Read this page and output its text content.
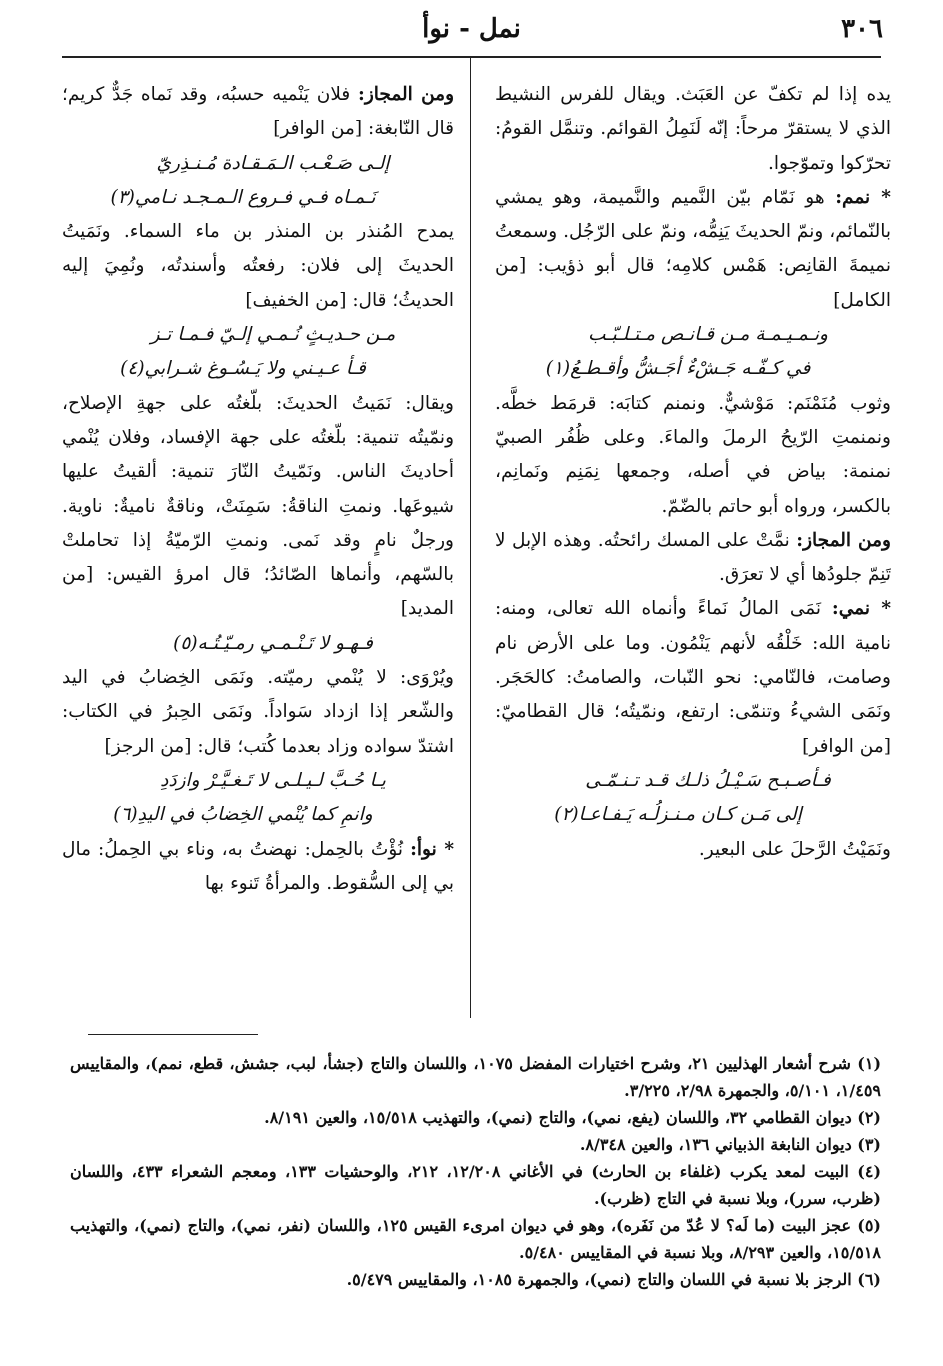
٣٠٦
نمل - نوأ

يده إذا لم تكفّ عن العَبَث. ويقال للفرس النشيط الذي لا يستقرّ مرحاً: إنّه لَنَمِلُ القوائم. وتنمَّل القومُ: تحرّكوا وتموّجوا.

* نمم: هو نَمّام بيّن النَّميم والنَّميمة، وهو يمشي بالنّمائم، ونمّ الحديثَ يَنِمُّه، ونمّ على الرّجُل. وسمعتُ نميمةَ القانِص: هَمْس كلامِه؛ قال أبو ذؤيب: [من الكامل]

ونـمـيـمـة مـن قـانـص مـتـلـبّـب

في كـفّـه جَـشْءٌ أجَـشُّ وأقـطـعُ(١)

وثوب مُنَمْنَم: مَوْشيٌّ. ونمنم كتابَه: قرمَط خطَّه. ونمنمتِ الرّيحُ الرملَ والماءَ. وعلى ظُفُر الصبيّ نمنمة: بياض في أصله، وجمعها نِمَنِم ونَمانِم، بالكسر، ورواه أبو حاتم بالضّمّ.

ومن المجاز: نمَّتْ على المسك رائحتُه. وهذه الإبل لا تَنِمّ جلودُها أي لا تعرَق.

* نمي: نَمَى المالُ نَماءً وأنماه الله تعالى، ومنه: نامية الله: خَلْقُه لأنهم يَنْمُون. وما على الأرض نام وصامت، فالنّامي: نحو النّبات، والصامتُ: كالحَجَر. ونَمَى الشيءُ وتنمّى: ارتفع، ونمّيتُه؛ قال القطاميّ: [من الوافر]

فـأصـبـح سَـيْـلُ ذلـك قـد تـنـمّـى

إلى مَـن كـان مـنـزلُـه يَـفـاعـا(٢)

ونَمَيْتُ الرَّحلَ على البعير.

ومن المجاز: فلان يَنْميه حسبُه، وقد نَماه جَدٌّ كريم؛ قال النّابغة: [من الوافر]

إلـى صَـعْـب الـمَـقـادة مُـنـذِريّ

نَـمـاه فـي فـروع الـمـجـد نـامي(٣)

يمدح المُنذر بن المنذر بن ماء السماء. ونَمَيتُ الحديثَ إلى فلان: رفعتُه وأسندتُه، ونُمِيَ إليه الحديثُ؛ قال: [من الخفيف]

مـن حـديـثٍ نُـمـي إلـيّ فـمـا تـز

قـأ عـيـني ولا يَـسُـوغ شـرابي(٤)

ويقال: نَمَيتُ الحديثَ: بلّغتُه على جهةِ الإصلاح، ونمّيتُه تنمية: بلّغتُه على جهة الإفساد، وفلان يُنْمي أحاديثَ الناس. ونَمّيتُ النّارَ تنمية: ألقيتُ عليها شيوعَها. ونمتِ الناقةُ: سَمِنَتْ، وناقةٌ ناميةٌ: ناوية. ورجلٌ نامٍ وقد نَمى. ونمتِ الرّميّةُ إذا تحاملتْ بالسّهم، وأنماها الصّائدُ؛ قال امرؤ القيس: [من المديد]

فـهـو لا تَـنْـمـي رمـيّـتُـه(٥)

ويُرْوَى: لا يُنْمي رميّته. ونَمَى الخِضابُ في اليد والشّعر إذا ازداد سَواداً. ونَمَى الحِبرُ في الكتاب: اشتدّ سواده وزاد بعدما كُتب؛ قال: [من الرجز]

يـا حُـبَّ لـيـلـى لا تَـغـيَّـرْ وازدَدِ

وانمِ كما يُنْمي الخِضابُ في اليدِ(٦)

* نوأ: نُؤْتُ بالحِمل: نهضتُ به، وناء بي الحِملُ: مال بي إلى السُّقوط. والمرأةُ تَنوء بها

(١) شرح أشعار الهذليين ٢١، وشرح اختيارات المفضل ١٠٧٥، واللسان والتاج (جشأ، لبب، جشش، قطع، نمم)، والمقاييس ١/٤٥٩، ٥/١٠١، والجمهرة ٢/٩٨، ٣/٢٢٥.

(٢) ديوان القطامي ٣٢، واللسان (يفع، نمي)، والتاج (نمي)، والتهذيب ١٥/٥١٨، والعين ٨/١٩١.

(٣) ديوان النابغة الذبياني ١٣٦، والعين ٨/٣٤٨.

(٤) البيت لمعد يكرب (غلفاء بن الحارث) في الأغاني ١٢/٢٠٨، ٢١٢، والوحشيات ١٣٣، ومعجم الشعراء ٤٣٣، واللسان (ظرب، سرر)، وبلا نسبة في التاج (ظرب).

(٥) عجز البيت (ما لَه؟ لا عُدّ من نَفَره)، وهو في ديوان امرىء القيس ١٢٥، واللسان (نفر، نمي)، والتاج (نمي)، والتهذيب ١٥/٥١٨، والعين ٨/٢٩٣، وبلا نسبة في المقاييس ٥/٤٨٠.

(٦) الرجز بلا نسبة في اللسان والتاج (نمي)، والجمهرة ١٠٨٥، والمقاييس ٥/٤٧٩.
